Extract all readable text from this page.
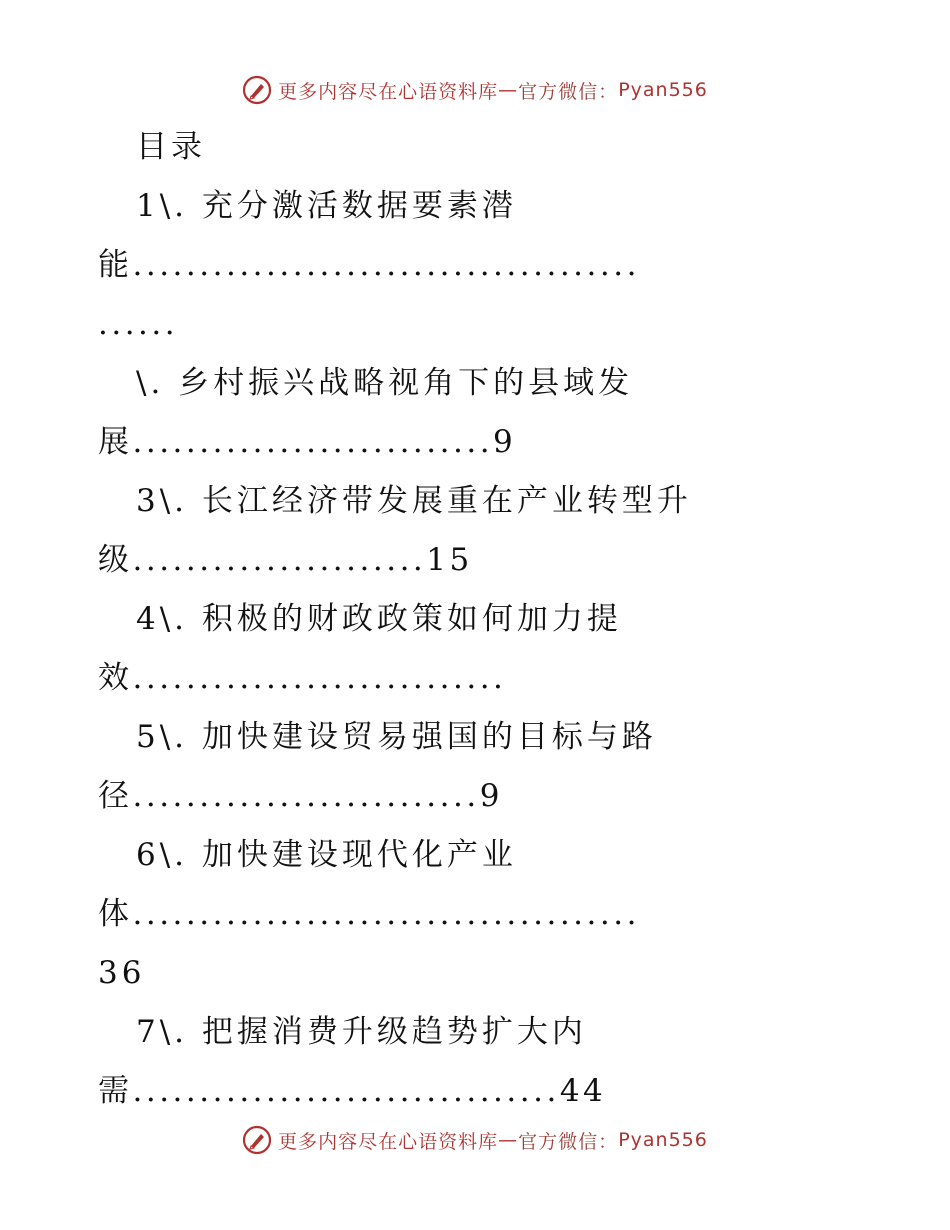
更多内容尽在心语资料库 — 官方微信： Pyan556
目录
1\. 充分激活数据要素潜
能......................................
......
\. 乡村振兴战略视角下的县域发
展...........................9
3\. 长江经济带发展重在产业转型升
级......................15
4\. 积极的财政政策如何加力提
效............................
5\. 加快建设贸易强国的目标与路
径..........................9
6\. 加快建设现代化产业
体......................................
36
7\. 把握消费升级趋势扩大内
需................................44
更多内容尽在心语资料库 — 官方微信： Pyan556
